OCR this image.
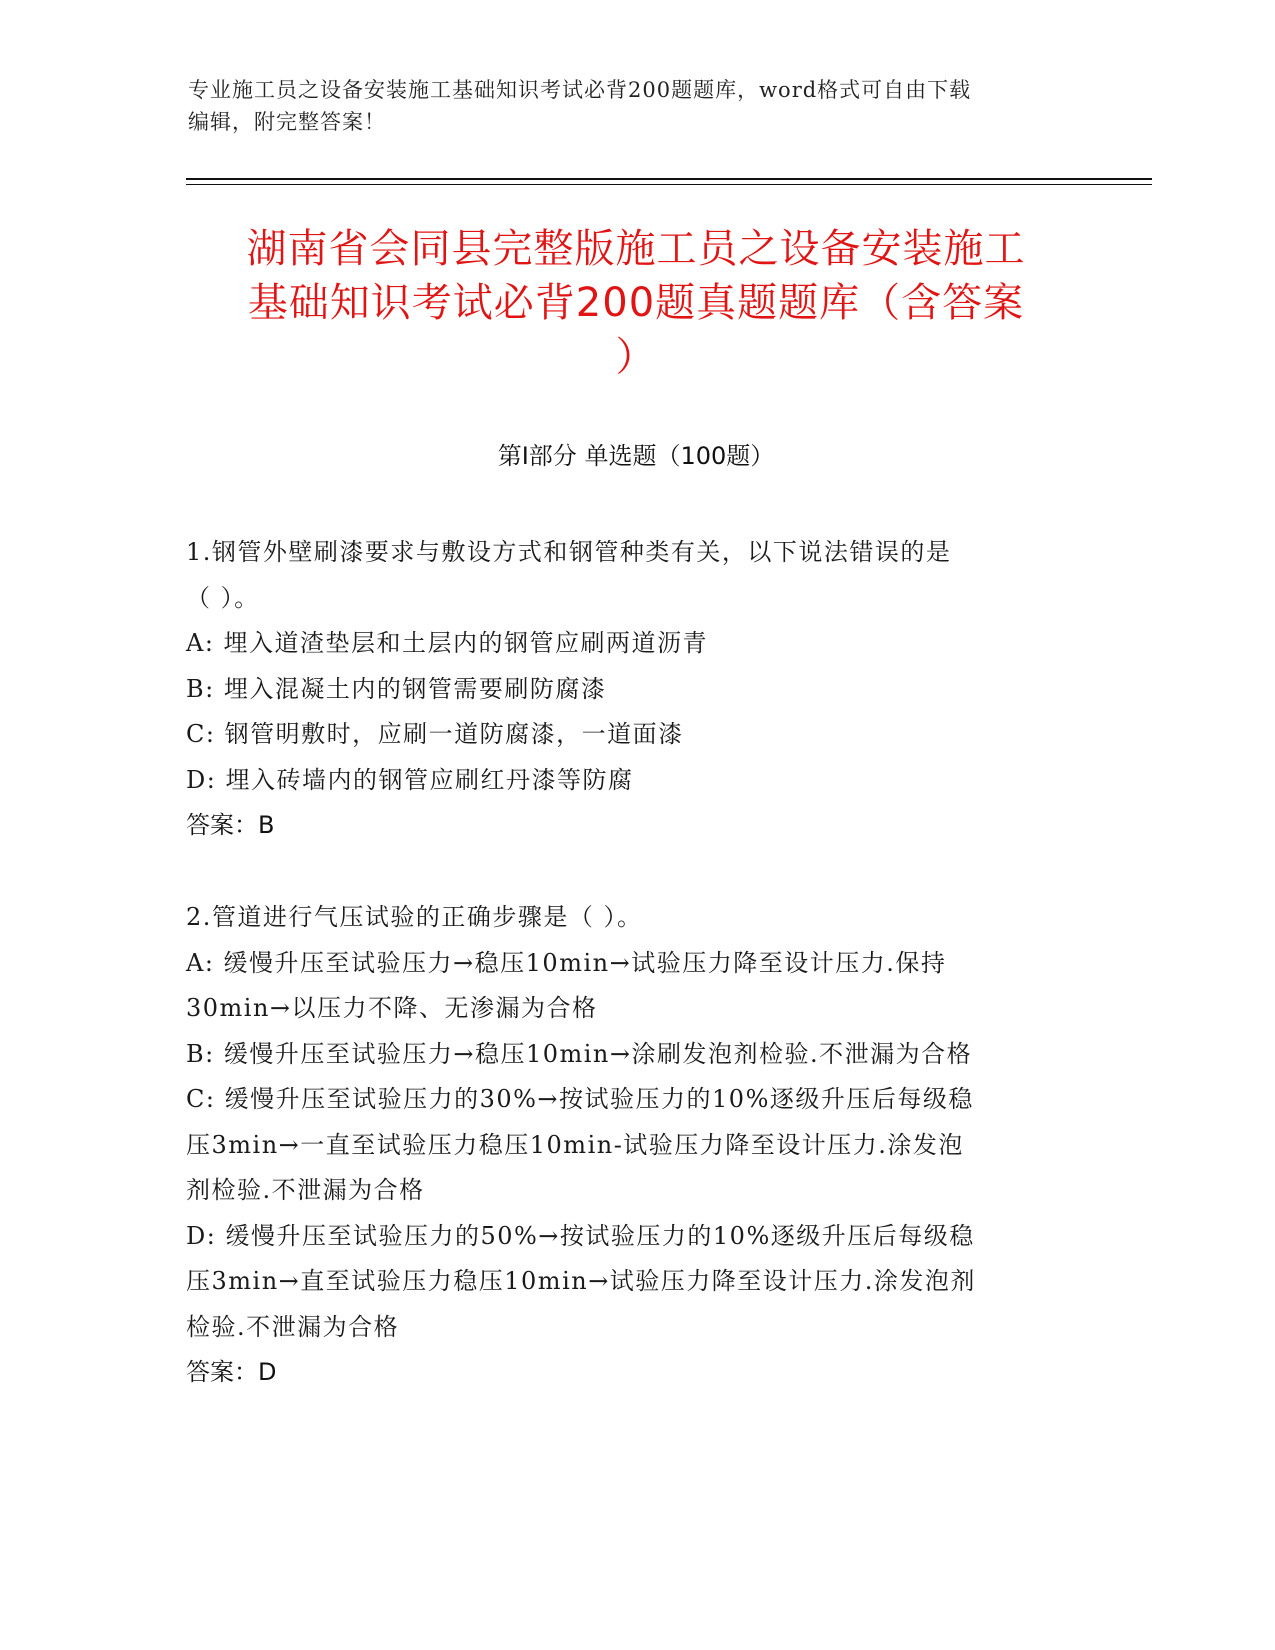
专业施工员之设备安装施工基础知识考试必背200题题库，word格式可自由下载
编辑，附完整答案！
湖南省会同县完整版施工员之设备安装施工
基础知识考试必背200题真题题库（含答案
）
第Ⅰ部分 单选题（100题）
1.钢管外壁刷漆要求与敷设方式和钢管种类有关，以下说法错误的是
（ ）。
A: 埋入道渣垫层和土层内的钢管应刷两道沥青
B: 埋入混凝土内的钢管需要刷防腐漆
C: 钢管明敷时，应刷一道防腐漆，一道面漆
D: 埋入砖墙内的钢管应刷红丹漆等防腐
答案：B
2.管道进行气压试验的正确步骤是（ ）。
A: 缓慢升压至试验压力→稳压10min→试验压力降至设计压力.保持
30min→以压力不降、无渗漏为合格
B: 缓慢升压至试验压力→稳压10min→涂刷发泡剂检验.不泄漏为合格
C: 缓慢升压至试验压力的30%→按试验压力的10%逐级升压后每级稳
压3min→一直至试验压力稳压10min-试验压力降至设计压力.涂发泡
剂检验.不泄漏为合格
D: 缓慢升压至试验压力的50%→按试验压力的10%逐级升压后每级稳
压3min→直至试验压力稳压10min→试验压力降至设计压力.涂发泡剂
检验.不泄漏为合格
答案：D
